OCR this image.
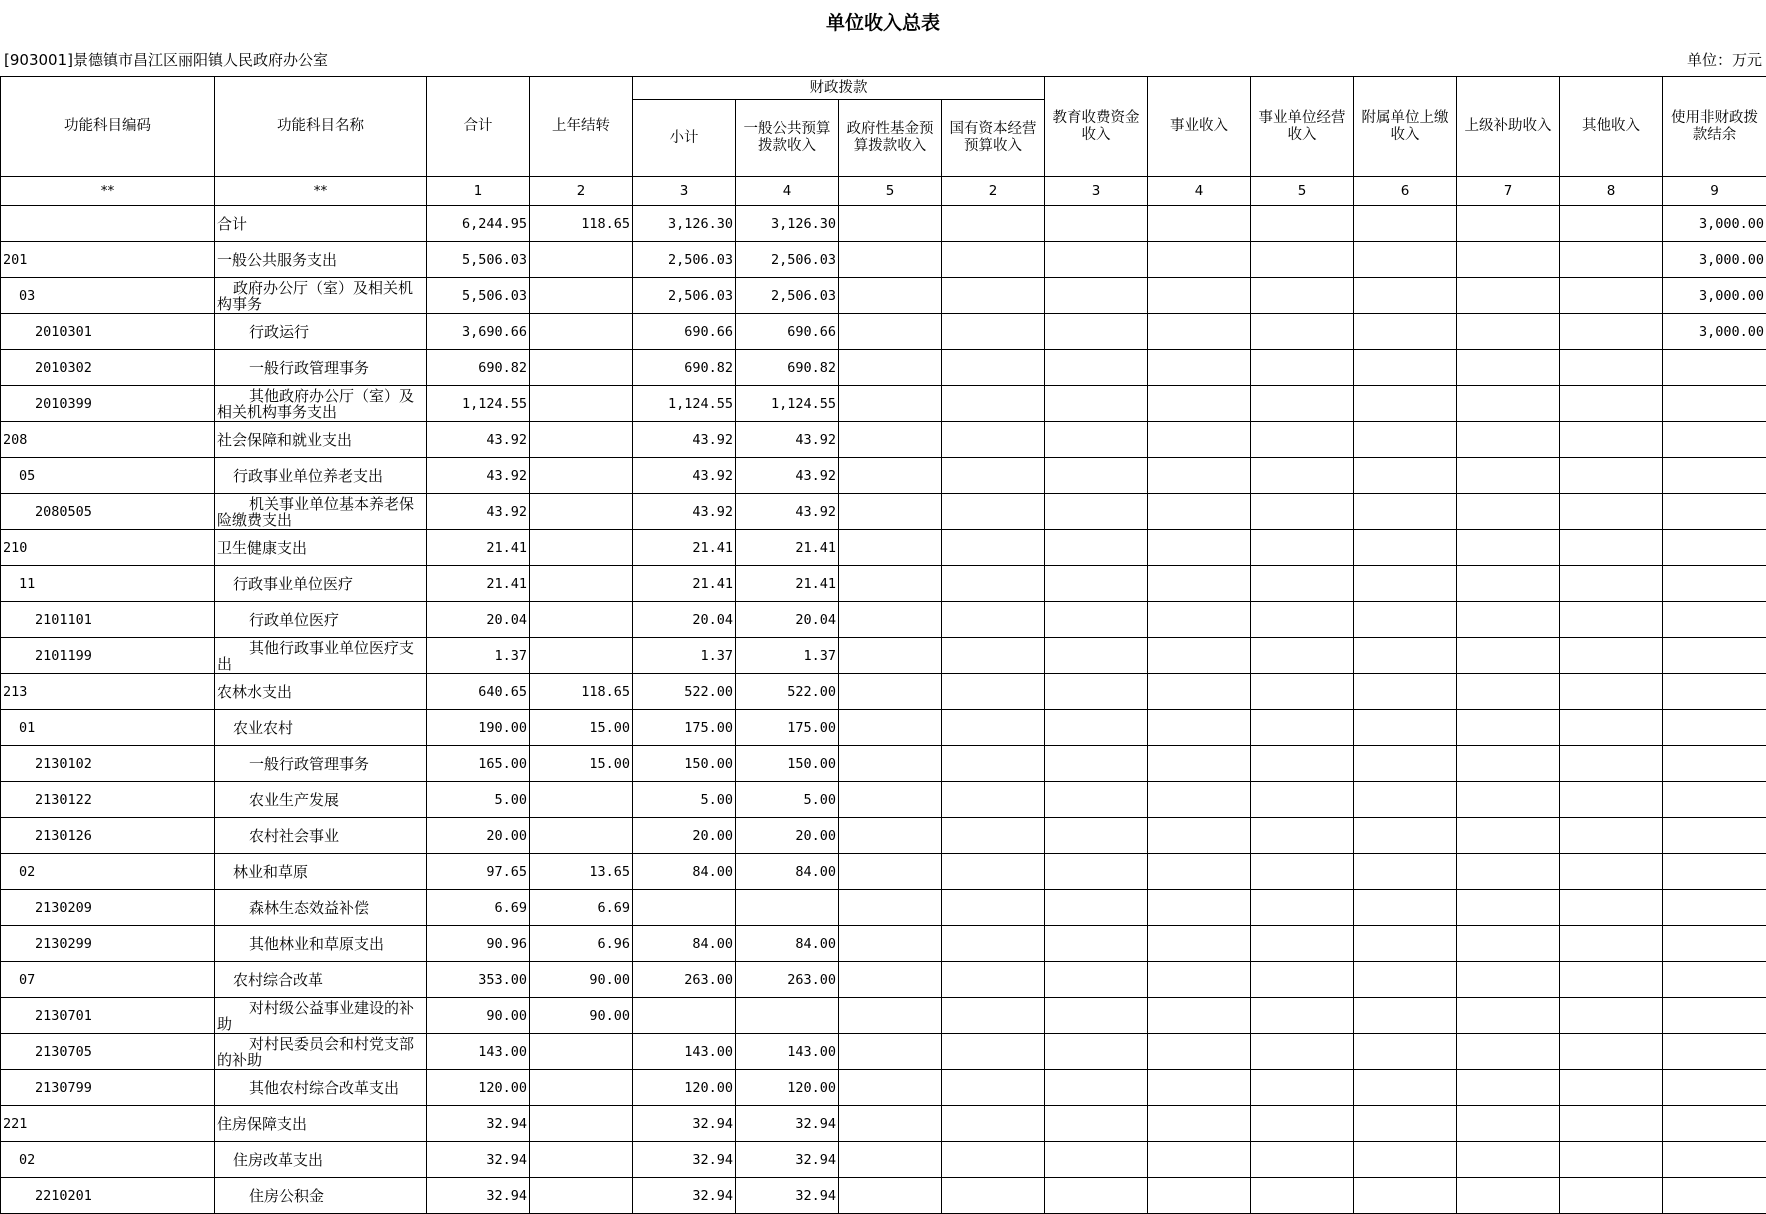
单位收入总表
[903001]景德镇市昌江区丽阳镇人民政府办公室	单位：万元
功能科目编码	功能科目名称	合计	上年结转	财政拨款				教育收费资金收入	事业收入	事业单位经营收入	附属单位上缴收入	上级补助收入	其他收入	使用非财政拨款结余	
				小计	一般公共预算拨款收入	政府性基金预算拨款收入	国有资本经营预算收入								
**	**	1	2	3	4	5	2	3	4	5	6	7	8	9	
	合计	6,244.95	118.65	3,126.30	3,126.30									3,000.00	
201	一般公共服务支出	5,506.03		2,506.03	2,506.03									3,000.00	
03	政府办公厅（室）及相关机构事务	5,506.03		2,506.03	2,506.03									3,000.00	
2010301	行政运行	3,690.66		690.66	690.66									3,000.00	
2010302	一般行政管理事务	690.82		690.82	690.82										
2010399	其他政府办公厅（室）及相关机构事务支出	1,124.55		1,124.55	1,124.55										
208	社会保障和就业支出	43.92		43.92	43.92										
05	行政事业单位养老支出	43.92		43.92	43.92										
2080505	机关事业单位基本养老保险缴费支出	43.92		43.92	43.92										
210	卫生健康支出	21.41		21.41	21.41										
11	行政事业单位医疗	21.41		21.41	21.41										
2101101	行政单位医疗	20.04		20.04	20.04										
2101199	其他行政事业单位医疗支出	1.37		1.37	1.37										
213	农林水支出	640.65	118.65	522.00	522.00										
01	农业农村	190.00	15.00	175.00	175.00										
2130102	一般行政管理事务	165.00	15.00	150.00	150.00										
2130122	农业生产发展	5.00		5.00	5.00										
2130126	农村社会事业	20.00		20.00	20.00										
02	林业和草原	97.65	13.65	84.00	84.00										
2130209	森林生态效益补偿	6.69	6.69												
2130299	其他林业和草原支出	90.96	6.96	84.00	84.00										
07	农村综合改革	353.00	90.00	263.00	263.00										
2130701	对村级公益事业建设的补助	90.00	90.00												
2130705	对村民委员会和村党支部的补助	143.00		143.00	143.00										
2130799	其他农村综合改革支出	120.00		120.00	120.00										
221	住房保障支出	32.94		32.94	32.94										
02	住房改革支出	32.94		32.94	32.94										
2210201	住房公积金	32.94		32.94	32.94										
